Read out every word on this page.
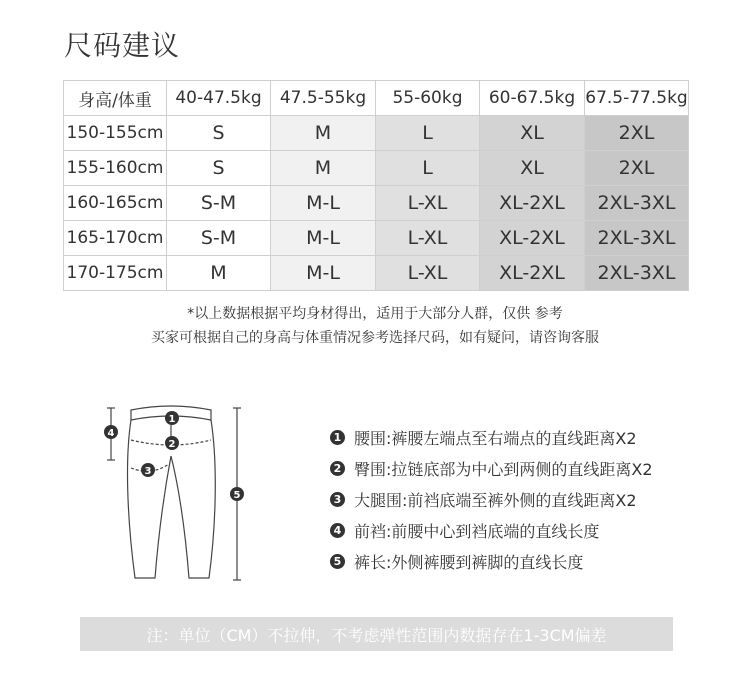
尺码建议
身高/体重	40-47.5kg	47.5-55kg	55-60kg	60-67.5kg	67.5-77.5kg
150-155cm	S	M	L	XL	2XL
155-160cm	S	M	L	XL	2XL
160-165cm	S-M	M-L	L-XL	XL-2XL	2XL-3XL
165-170cm	S-M	M-L	L-XL	XL-2XL	2XL-3XL
170-175cm	M	M-L	L-XL	XL-2XL	2XL-3XL
*以上数据根据平均身材得出，适用于大部分人群，仅供 参考
买家可根据自己的身高与体重情况参考选择尺码，如有疑问，请咨询客服
1
2
3
4
5
1 腰围:裤腰左端点至右端点的直线距离X2
2 臀围:拉链底部为中心到两侧的直线距离X2
3 大腿围:前裆底端至裤外侧的直线距离X2
4 前裆:前腰中心到裆底端的直线长度
5 裤长:外侧裤腰到裤脚的直线长度
注：单位（CM）不拉伸，不考虑弹性范围内数据存在1-3CM偏差
